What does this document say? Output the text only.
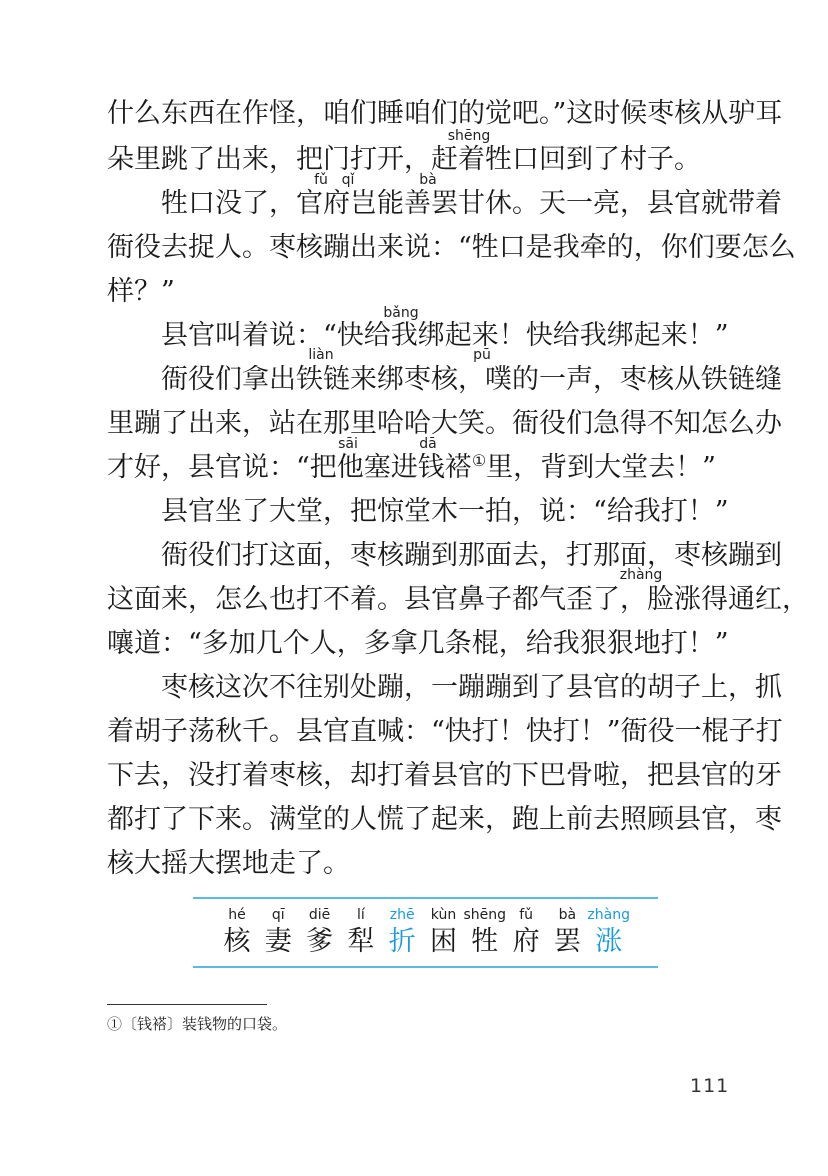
shēng
fǔ qǐ	bà
bǎng
liàn	pū
sāi	dā
zhàng
什么东西在作怪，咱们睡咱们的觉吧。”这时候枣核从驴耳
朵里跳了出来，把门打开，赶着牲口回到了村子。
牲口没了，官府岂能善罢甘休。天一亮，县官就带着
衙役去捉人。枣核蹦出来说：“牲口是我牵的，你们要怎么
样？”
县官叫着说：“快给我绑起来！快给我绑起来！”
衙役们拿出铁链来绑枣核，噗的一声，枣核从铁链缝
里蹦了出来，站在那里哈哈大笑。衙役们急得不知怎么办
才好，县官说：“把他塞进钱褡①里，背到大堂去！”
县官坐了大堂，把惊堂木一拍，说：“给我打！”
衙役们打这面，枣核蹦到那面去，打那面，枣核蹦到
这面来，怎么也打不着。县官鼻子都气歪了，脸涨得通红，
嚷道：“多加几个人，多拿几条棍，给我狠狠地打！”
枣核这次不往别处蹦，一蹦蹦到了县官的胡子上，抓
着胡子荡秋千。县官直喊：“快打！快打！”衙役一棍子打
下去，没打着枣核，却打着县官的下巴骨啦，把县官的牙
都打了下来。满堂的人慌了起来，跑上前去照顾县官，枣
核大摇大摆地走了。
hé
核
qī
妻
diē
爹
lí
犁
zhē
折
kùn
困
shēng
牲
fǔ
府
bà
罢
zhàng
涨
①〔钱褡〕装钱物的口袋。
111
